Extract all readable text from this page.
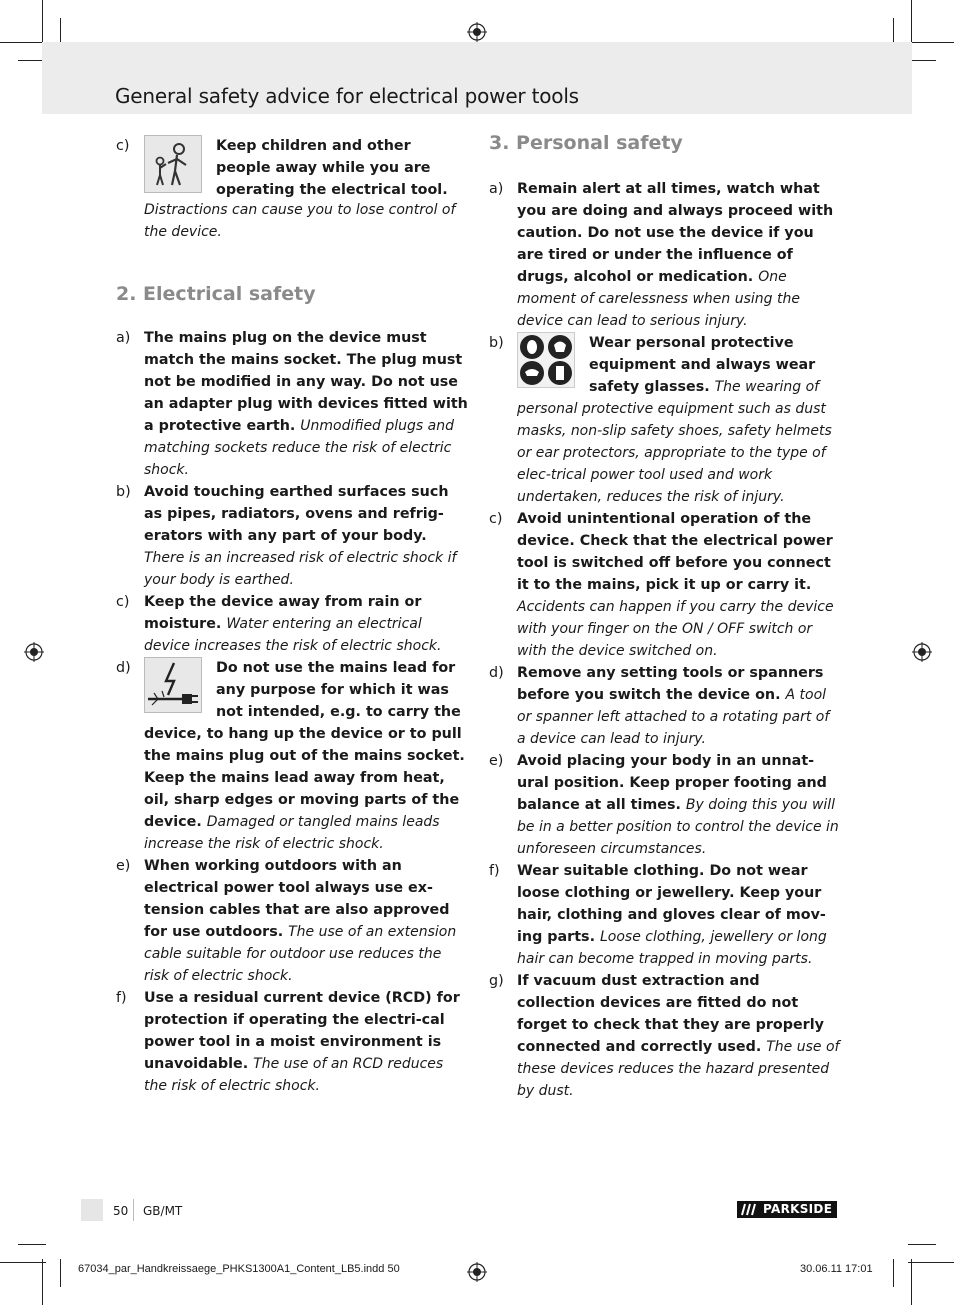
General safety advice for electrical power tools
c)	Keep children and other people away while you are operating the electrical tool.
Distractions can cause you to lose control of the device.
2. Electrical safety
a) The mains plug on the device must match the mains socket. The plug must not be modified in any way. Do not use an adapter plug with devices fitted with a protective earth. Unmodified plugs and matching sockets reduce the risk of electric shock.
b) Avoid touching earthed surfaces such as pipes, radiators, ovens and refrig-erators with any part of your body. There is an increased risk of electric shock if your body is earthed.
c) Keep the device away from rain or moisture. Water entering an electrical device increases the risk of electric shock.
d)	Do not use the mains lead for any purpose for which it was not intended, e.g. to carry the device, to hang up the device or to pull the mains plug out of the mains socket. Keep the mains lead away from heat, oil, sharp edges or moving parts of the device. Damaged or tangled mains leads increase the risk of electric shock.
e) When working outdoors with an electrical power tool always use ex-tension cables that are also approved for use outdoors. The use of an extension cable suitable for outdoor use reduces the risk of electric shock.
f) Use a residual current device (RCD) for protection if operating the electri-cal power tool in a moist environment is unavoidable. The use of an RCD reduces the risk of electric shock.
3. Personal safety
a) Remain alert at all times, watch what you are doing and always proceed with caution. Do not use the device if you are tired or under the influence of drugs, alcohol or medication. One moment of carelessness when using the device can lead to serious injury.
b)	Wear personal protective equipment and always wear safety glasses. The wearing of personal protective equipment such as dust masks, non-slip safety shoes, safety helmets or ear protectors, appropriate to the type of elec-trical power tool used and work undertaken, reduces the risk of injury.
c) Avoid unintentional operation of the device. Check that the electrical power tool is switched off before you connect it to the mains, pick it up or carry it. Accidents can happen if you carry the device with your finger on the ON / OFF switch or with the device switched on.
d) Remove any setting tools or spanners before you switch the device on. A tool or spanner left attached to a rotating part of a device can lead to injury.
e) Avoid placing your body in an unnat-ural position. Keep proper footing and balance at all times. By doing this you will be in a better position to control the device in unforeseen circumstances.
f) Wear suitable clothing. Do not wear loose clothing or jewellery. Keep your hair, clothing and gloves clear of mov-ing parts. Loose clothing, jewellery or long hair can become trapped in moving parts.
g) If vacuum dust extraction and collection devices are fitted do not forget to check that they are properly connected and correctly used. The use of these devices reduces the hazard presented by dust.
50 GB/MT	PARKSIDE
67034_par_Handkreissaege_PHKS1300A1_Content_LB5.indd 50	30.06.11 17:01
